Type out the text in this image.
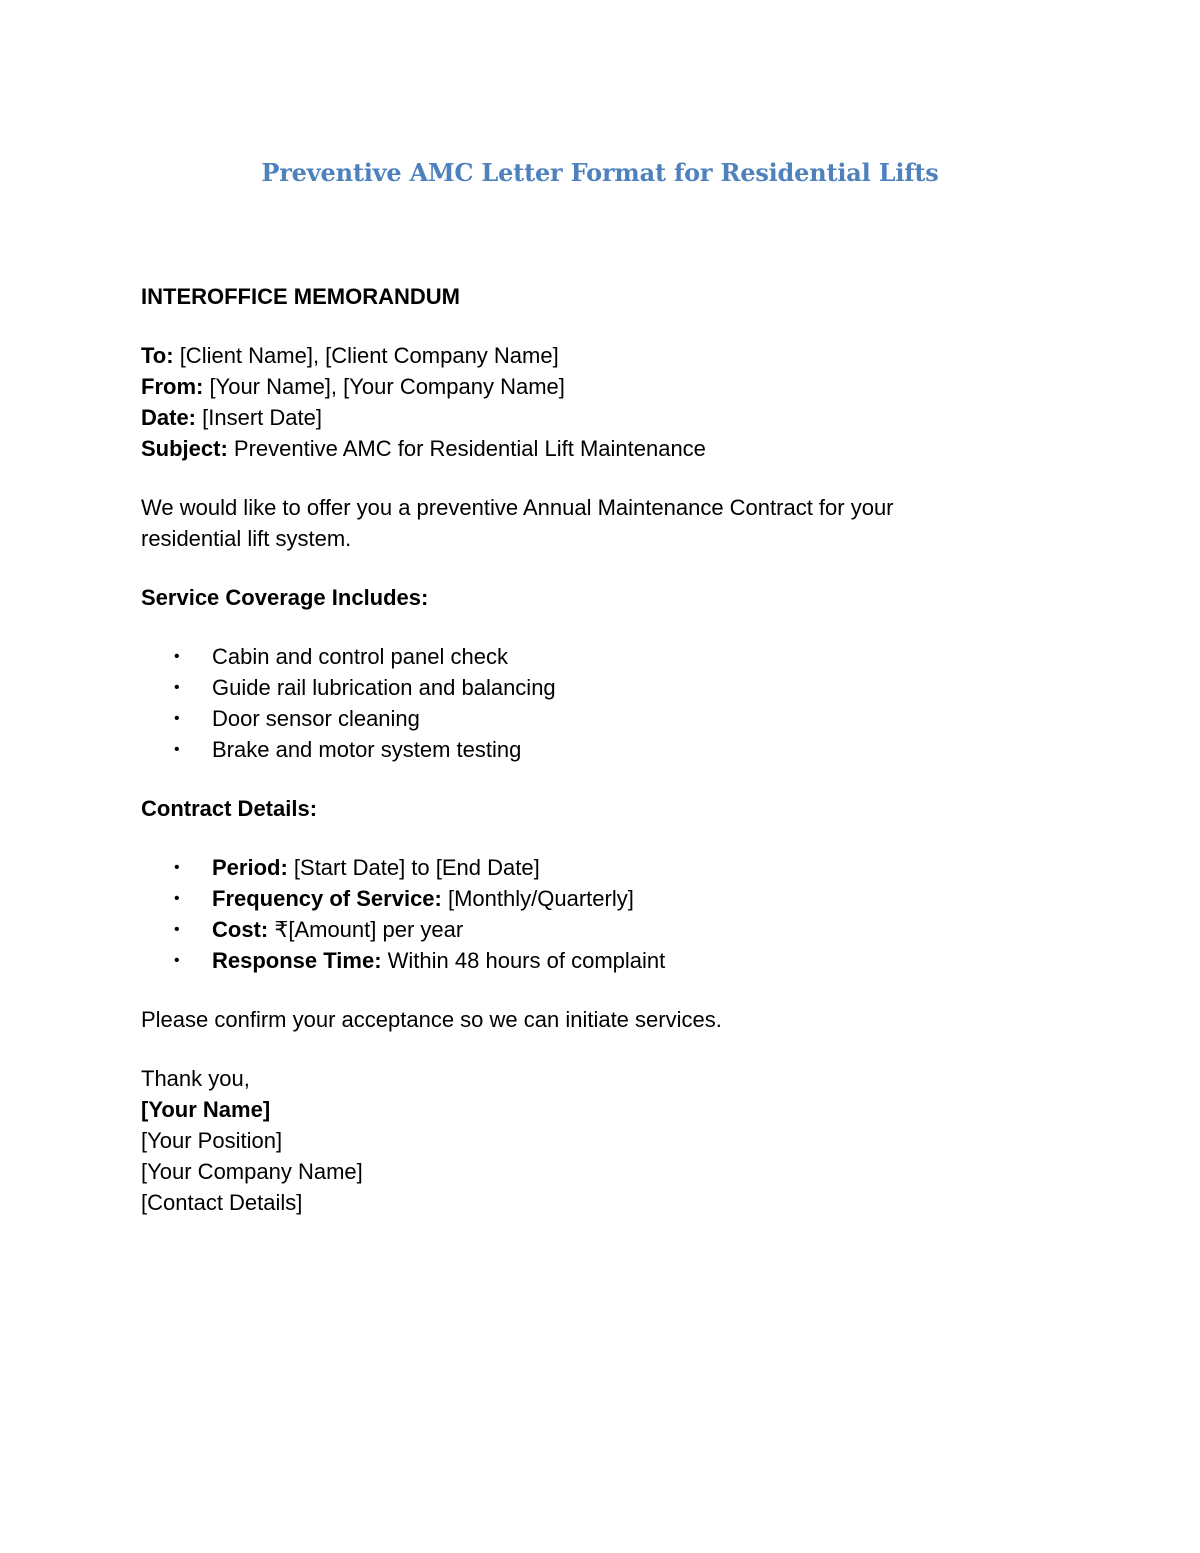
Preventive AMC Letter Format for Residential Lifts
INTEROFFICE MEMORANDUM
To: [Client Name], [Client Company Name]
From: [Your Name], [Your Company Name]
Date: [Insert Date]
Subject: Preventive AMC for Residential Lift Maintenance
We would like to offer you a preventive Annual Maintenance Contract for your
residential lift system.
Service Coverage Includes:
• Cabin and control panel check
• Guide rail lubrication and balancing
• Door sensor cleaning
• Brake and motor system testing
Contract Details:
• Period: [Start Date] to [End Date]
• Frequency of Service: [Monthly/Quarterly]
• Cost: ₹[Amount] per year
• Response Time: Within 48 hours of complaint
Please confirm your acceptance so we can initiate services.
Thank you,
[Your Name]
[Your Position]
[Your Company Name]
[Contact Details]
